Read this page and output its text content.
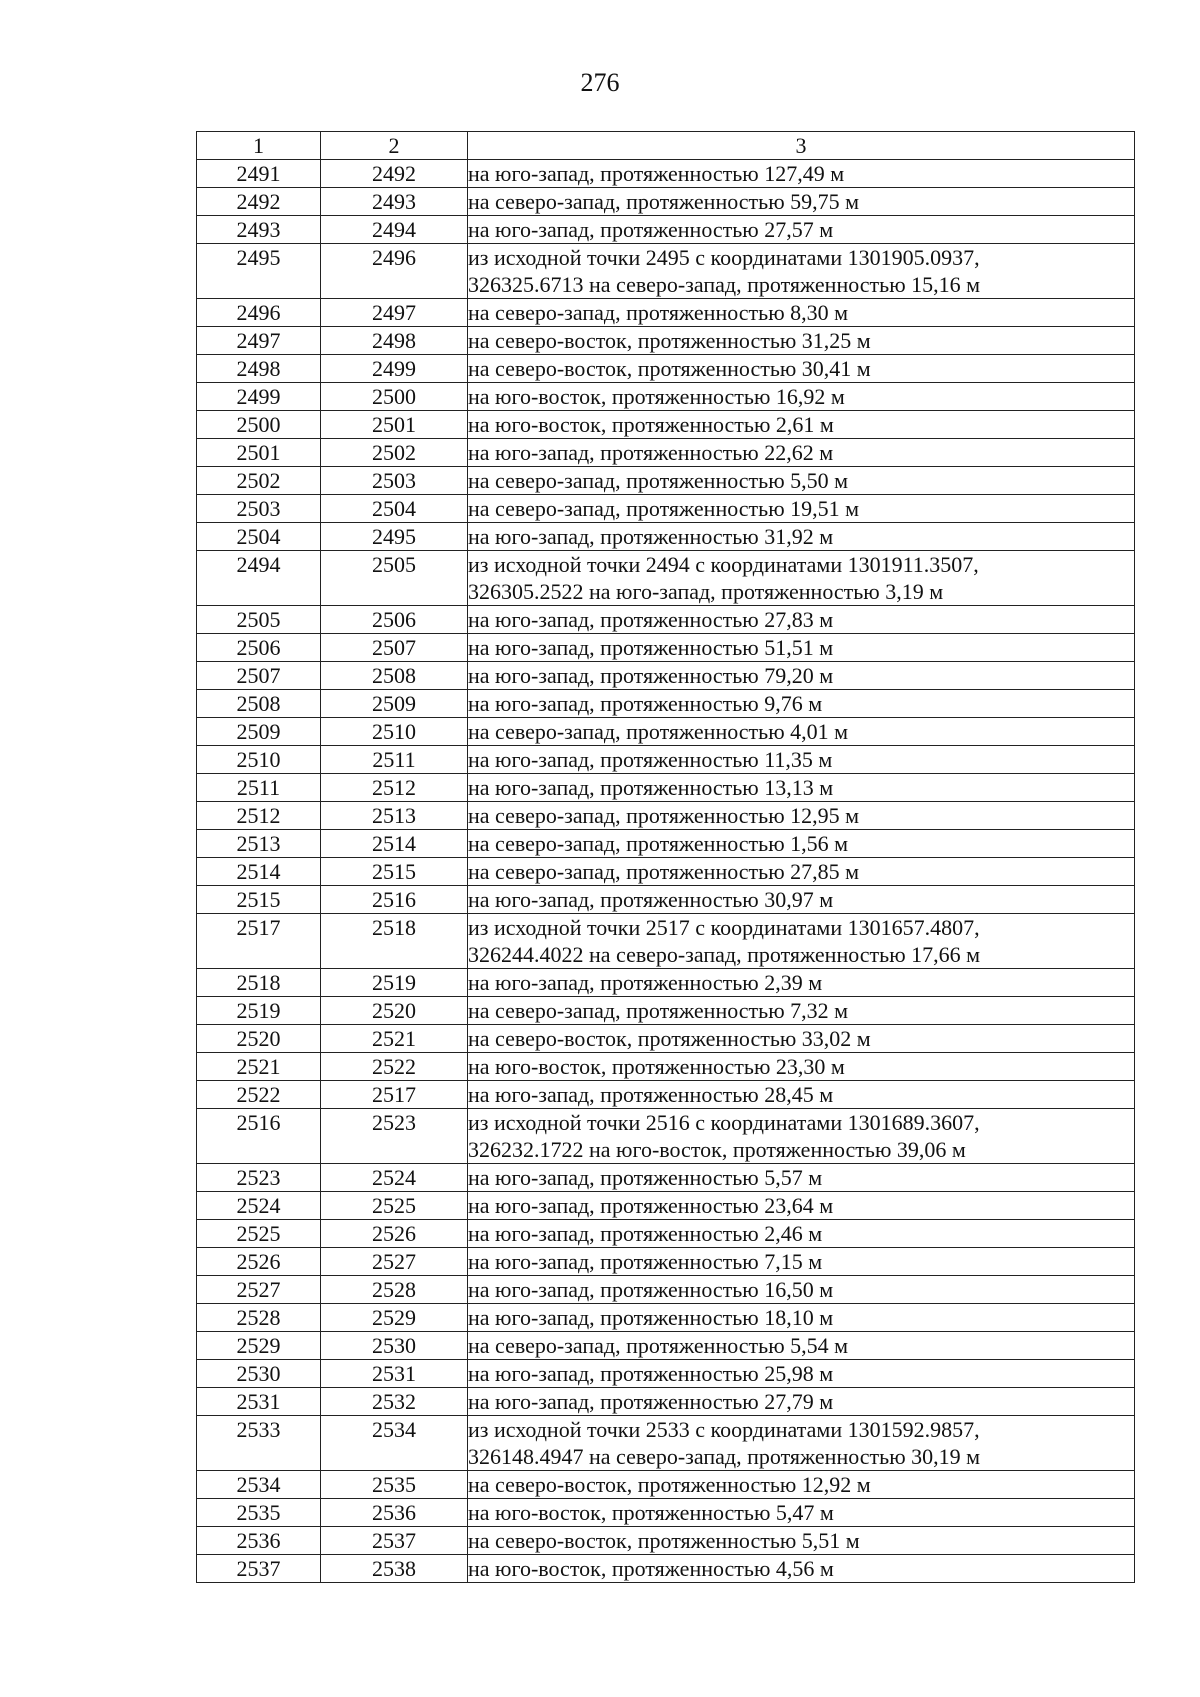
276
1	2	3
2491	2492	на юго-запад, протяженностью 127,49 м
2492	2493	на северо-запад, протяженностью 59,75 м
2493	2494	на юго-запад, протяженностью 27,57 м
2495	2496	из исходной точки 2495 с координатами 1301905.0937,
326325.6713 на северо-запад, протяженностью 15,16 м
2496	2497	на северо-запад, протяженностью 8,30 м
2497	2498	на северо-восток, протяженностью 31,25 м
2498	2499	на северо-восток, протяженностью 30,41 м
2499	2500	на юго-восток, протяженностью 16,92 м
2500	2501	на юго-восток, протяженностью 2,61 м
2501	2502	на юго-запад, протяженностью 22,62 м
2502	2503	на северо-запад, протяженностью 5,50 м
2503	2504	на северо-запад, протяженностью 19,51 м
2504	2495	на юго-запад, протяженностью 31,92 м
2494	2505	из исходной точки 2494 с координатами 1301911.3507,
326305.2522 на юго-запад, протяженностью 3,19 м
2505	2506	на юго-запад, протяженностью 27,83 м
2506	2507	на юго-запад, протяженностью 51,51 м
2507	2508	на юго-запад, протяженностью 79,20 м
2508	2509	на юго-запад, протяженностью 9,76 м
2509	2510	на северо-запад, протяженностью 4,01 м
2510	2511	на юго-запад, протяженностью 11,35 м
2511	2512	на юго-запад, протяженностью 13,13 м
2512	2513	на северо-запад, протяженностью 12,95 м
2513	2514	на северо-запад, протяженностью 1,56 м
2514	2515	на северо-запад, протяженностью 27,85 м
2515	2516	на юго-запад, протяженностью 30,97 м
2517	2518	из исходной точки 2517 с координатами 1301657.4807,
326244.4022 на северо-запад, протяженностью 17,66 м
2518	2519	на юго-запад, протяженностью 2,39 м
2519	2520	на северо-запад, протяженностью 7,32 м
2520	2521	на северо-восток, протяженностью 33,02 м
2521	2522	на юго-восток, протяженностью 23,30 м
2522	2517	на юго-запад, протяженностью 28,45 м
2516	2523	из исходной точки 2516 с координатами 1301689.3607,
326232.1722 на юго-восток, протяженностью 39,06 м
2523	2524	на юго-запад, протяженностью 5,57 м
2524	2525	на юго-запад, протяженностью 23,64 м
2525	2526	на юго-запад, протяженностью 2,46 м
2526	2527	на юго-запад, протяженностью 7,15 м
2527	2528	на юго-запад, протяженностью 16,50 м
2528	2529	на юго-запад, протяженностью 18,10 м
2529	2530	на северо-запад, протяженностью 5,54 м
2530	2531	на юго-запад, протяженностью 25,98 м
2531	2532	на юго-запад, протяженностью 27,79 м
2533	2534	из исходной точки 2533 с координатами 1301592.9857,
326148.4947 на северо-запад, протяженностью 30,19 м
2534	2535	на северо-восток, протяженностью 12,92 м
2535	2536	на юго-восток, протяженностью 5,47 м
2536	2537	на северо-восток, протяженностью 5,51 м
2537	2538	на юго-восток, протяженностью 4,56 м
